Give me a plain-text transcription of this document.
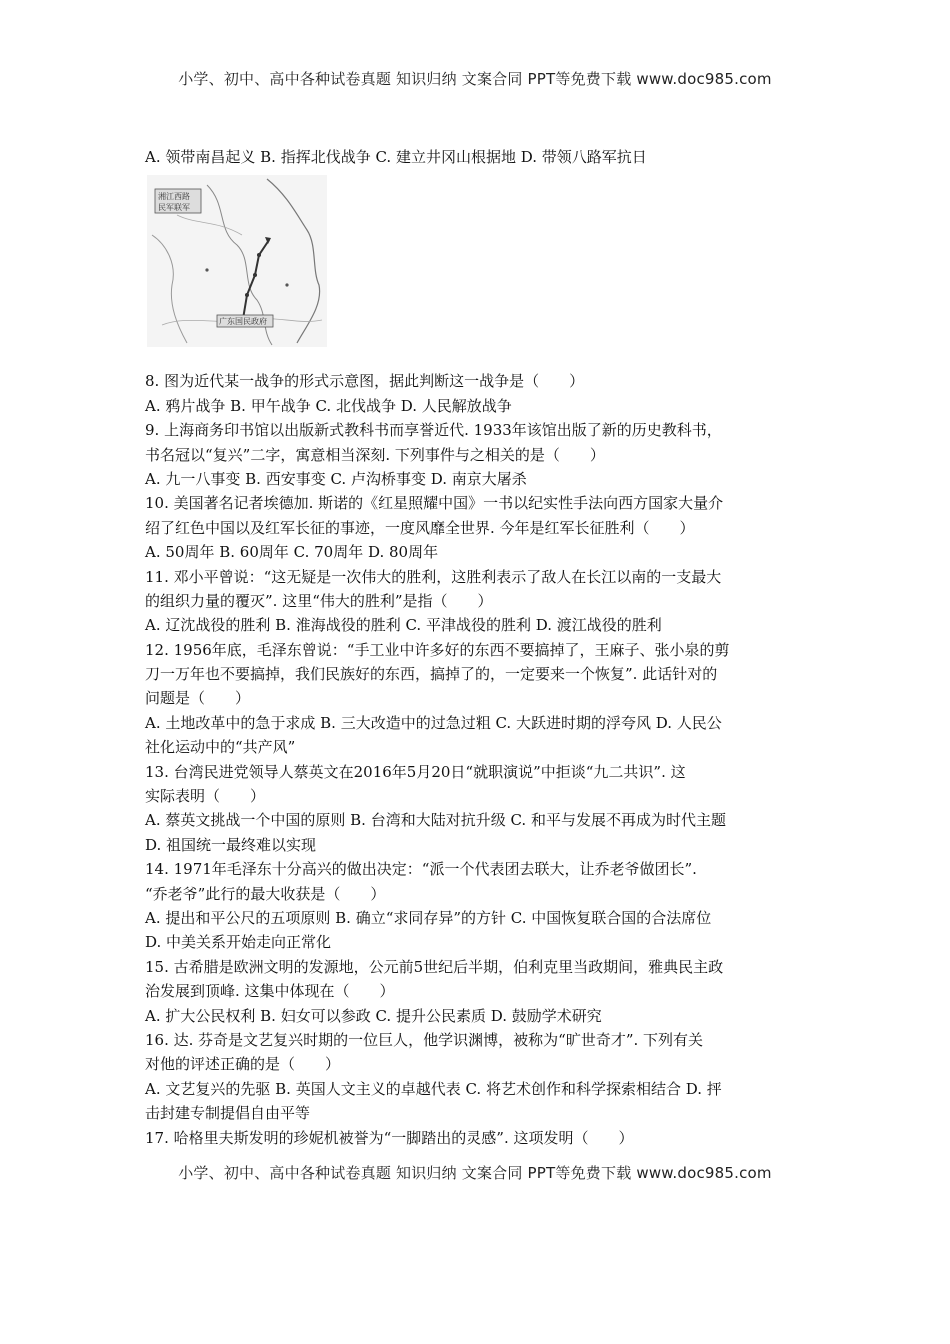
小学、初中、高中各种试卷真题 知识归纳 文案合同 PPT等免费下载 www.doc985.com
A. 领带南昌起义 B. 指挥北伐战争 C. 建立井冈山根据地 D. 带领八路军抗日
湘江西路
民军联军
广东国民政府
8. 图为近代某一战争的形式示意图，据此判断这一战争是（　　）
A. 鸦片战争 B. 甲午战争 C. 北伐战争 D. 人民解放战争
9. 上海商务印书馆以出版新式教科书而享誉近代. 1933年该馆出版了新的历史教科书，
书名冠以“复兴”二字，寓意相当深刻. 下列事件与之相关的是（　　）
A. 九一八事变 B. 西安事变 C. 卢沟桥事变 D. 南京大屠杀
10. 美国著名记者埃德加. 斯诺的《红星照耀中国》一书以纪实性手法向西方国家大量介
绍了红色中国以及红军长征的事迹，一度风靡全世界. 今年是红军长征胜利（　　）
A. 50周年 B. 60周年 C. 70周年 D. 80周年
11. 邓小平曾说：“这无疑是一次伟大的胜利，这胜利表示了敌人在长江以南的一支最大
的组织力量的覆灭”. 这里“伟大的胜利”是指（　　）
A. 辽沈战役的胜利 B. 淮海战役的胜利 C. 平津战役的胜利 D. 渡江战役的胜利
12. 1956年底，毛泽东曾说：“手工业中许多好的东西不要搞掉了，王麻子、张小泉的剪
刀一万年也不要搞掉，我们民族好的东西，搞掉了的，一定要来一个恢复”. 此话针对的
问题是（　　）
A. 土地改革中的急于求成 B. 三大改造中的过急过粗 C. 大跃进时期的浮夸风 D. 人民公
社化运动中的“共产风”
13. 台湾民进党领导人蔡英文在2016年5月20日“就职演说”中拒谈“九二共识”. 这
实际表明（　　）
A. 蔡英文挑战一个中国的原则 B. 台湾和大陆对抗升级 C. 和平与发展不再成为时代主题
D. 祖国统一最终难以实现
14. 1971年毛泽东十分高兴的做出决定：“派一个代表团去联大，让乔老爷做团长”.
“乔老爷”此行的最大收获是（　　）
A. 提出和平公尺的五项原则 B. 确立“求同存异”的方针 C. 中国恢复联合国的合法席位
D. 中美关系开始走向正常化
15. 古希腊是欧洲文明的发源地，公元前5世纪后半期，伯利克里当政期间，雅典民主政
治发展到顶峰. 这集中体现在（　　）
A. 扩大公民权利 B. 妇女可以参政 C. 提升公民素质 D. 鼓励学术研究
16. 达. 芬奇是文艺复兴时期的一位巨人，他学识渊博，被称为“旷世奇才”. 下列有关
对他的评述正确的是（　　）
A. 文艺复兴的先驱 B. 英国人文主义的卓越代表 C. 将艺术创作和科学探索相结合 D. 抨
击封建专制提倡自由平等
17. 哈格里夫斯发明的珍妮机被誉为“一脚踏出的灵感”. 这项发明（　　）
小学、初中、高中各种试卷真题 知识归纳 文案合同 PPT等免费下载 www.doc985.com
